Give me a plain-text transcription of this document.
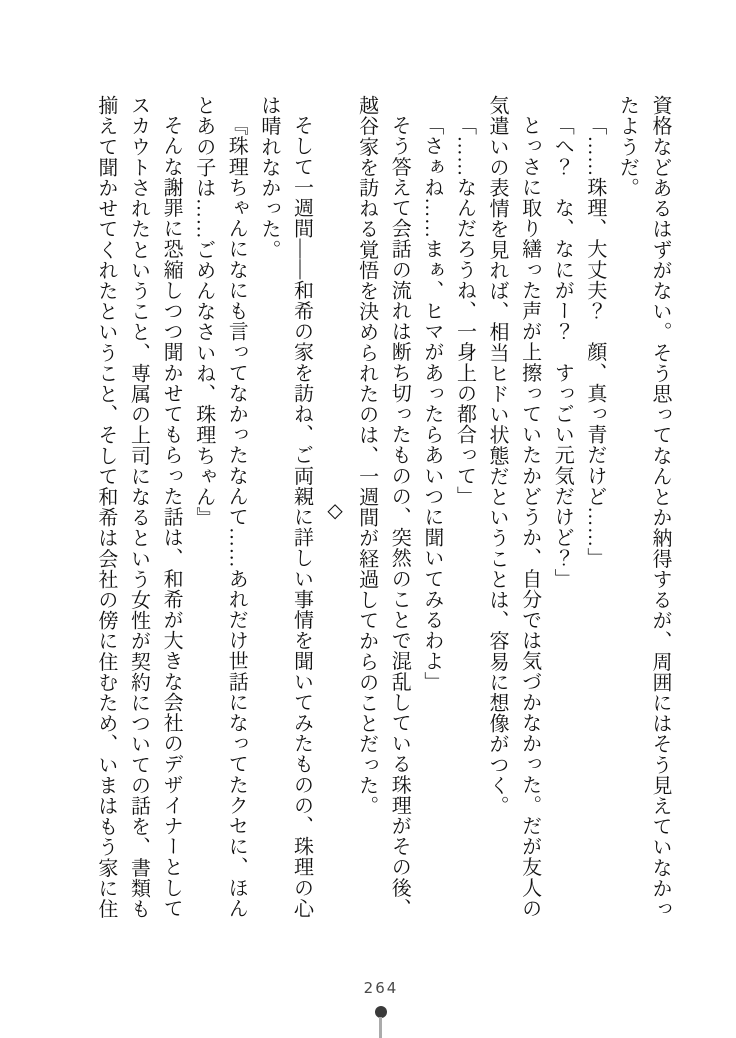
資格などあるはずがない。そう思ってなんとか納得するが、周囲にはそう見えていなかったようだ。

「……珠理、大丈夫？　顔、真っ青だけど……」

「へ？　な、なにがー？　すっごい元気だけど？」

とっさに取り繕った声が上擦っていたかどうか、自分では気づかなかった。だが友人の気遣いの表情を見れば、相当ヒドい状態だということは、容易に想像がつく。

「……なんだろうね、一身上の都合って」

「さぁね……まぁ、ヒマがあったらあいつに聞いてみるわよ」

そう答えて会話の流れは断ち切ったものの、突然のことで混乱している珠理がその後、越谷家を訪ねる覚悟を決められたのは、一週間が経過してからのことだった。

◇

そして一週間――和希の家を訪ね、ご両親に詳しい事情を聞いてみたものの、珠理の心は晴れなかった。

『珠理ちゃんになにも言ってなかったなんて……あれだけ世話になってたクセに、ほんとあの子は……ごめんなさいね、珠理ちゃん』

そんな謝罪に恐縮しつつ聞かせてもらった話は、和希が大きな会社のデザイナーとしてスカウトされたということ、専属の上司になるという女性が契約についての話を、書類も揃えて聞かせてくれたということ、そして和希は会社の傍に住むため、いまはもう家に住

264
